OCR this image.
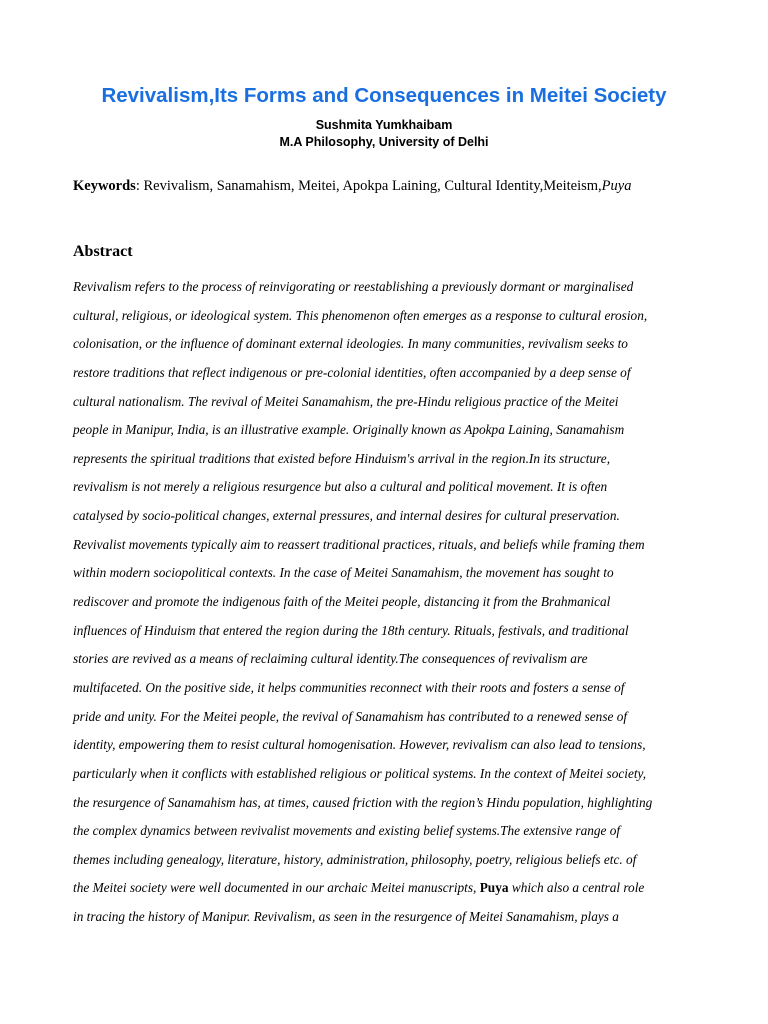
Revivalism,Its Forms and Consequences in Meitei Society
Sushmita Yumkhaibam
M.A Philosophy, University of Delhi
Keywords: Revivalism, Sanamahism, Meitei, Apokpa Laining, Cultural Identity,Meiteism,Puya
Abstract
Revivalism refers to the process of reinvigorating or reestablishing a previously dormant or marginalised
cultural, religious, or ideological system. This phenomenon often emerges as a response to cultural erosion,
colonisation, or the influence of dominant external ideologies. In many communities, revivalism seeks to
restore traditions that reflect indigenous or pre-colonial identities, often accompanied by a deep sense of
cultural nationalism. The revival of Meitei Sanamahism, the pre-Hindu religious practice of the Meitei
people in Manipur, India, is an illustrative example. Originally known as Apokpa Laining, Sanamahism
represents the spiritual traditions that existed before Hinduism's arrival in the region.In its structure,
revivalism is not merely a religious resurgence but also a cultural and political movement. It is often
catalysed by socio-political changes, external pressures, and internal desires for cultural preservation.
Revivalist movements typically aim to reassert traditional practices, rituals, and beliefs while framing them
within modern sociopolitical contexts. In the case of Meitei Sanamahism, the movement has sought to
rediscover and promote the indigenous faith of the Meitei people, distancing it from the Brahmanical
influences of Hinduism that entered the region during the 18th century. Rituals, festivals, and traditional
stories are revived as a means of reclaiming cultural identity.The consequences of revivalism are
multifaceted. On the positive side, it helps communities reconnect with their roots and fosters a sense of
pride and unity. For the Meitei people, the revival of Sanamahism has contributed to a renewed sense of
identity, empowering them to resist cultural homogenisation. However, revivalism can also lead to tensions,
particularly when it conflicts with established religious or political systems. In the context of Meitei society,
the resurgence of Sanamahism has, at times, caused friction with the region’s Hindu population, highlighting
the complex dynamics between revivalist movements and existing belief systems.The extensive range of
themes including genealogy, literature, history, administration, philosophy, poetry, religious beliefs etc. of
the Meitei society were well documented in our archaic Meitei manuscripts, Puya which also a central role
in tracing the history of Manipur. Revivalism, as seen in the resurgence of Meitei Sanamahism, plays a
